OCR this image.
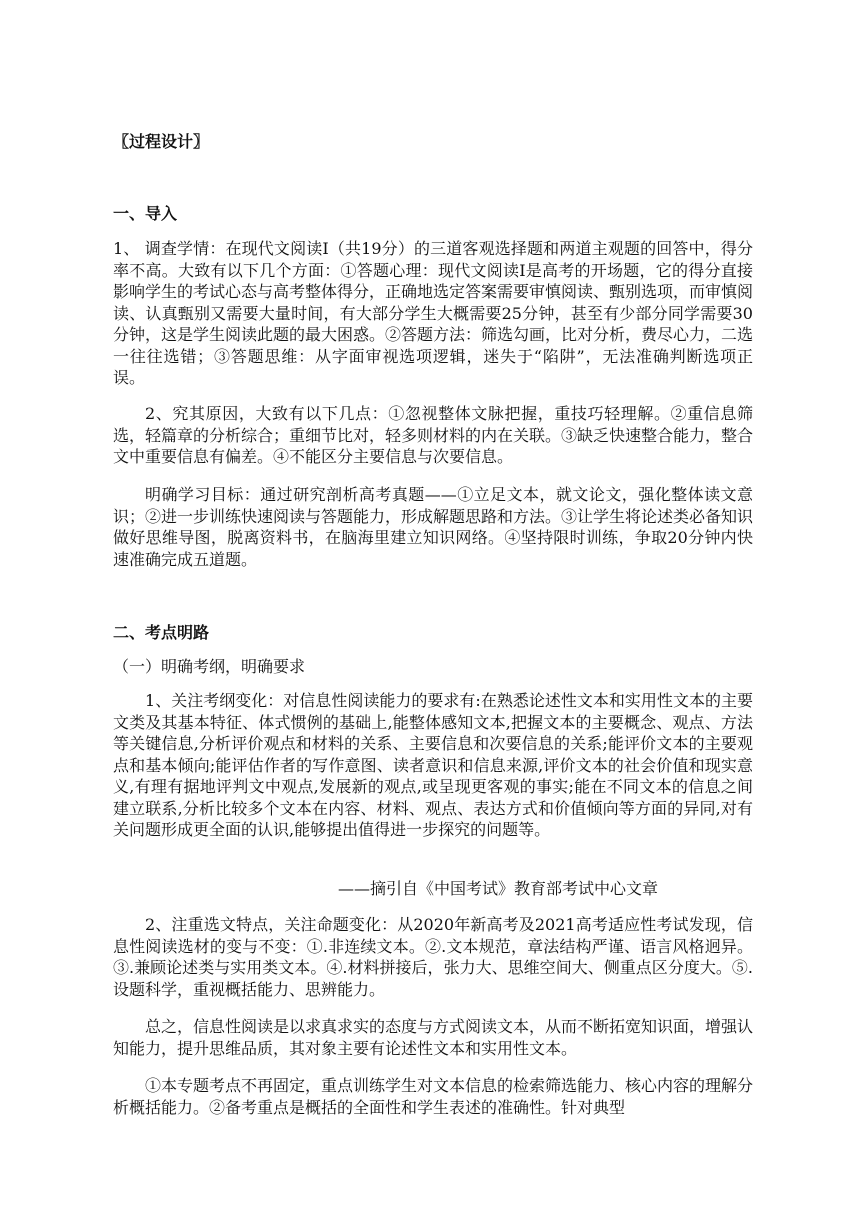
〖过程设计〗

一、导入

1、 调查学情：在现代文阅读Ⅰ（共19分）的三道客观选择题和两道主观题的回答中，得分率不高。大致有以下几个方面：①答题心理：现代文阅读Ⅰ是高考的开场题，它的得分直接影响学生的考试心态与高考整体得分，正确地选定答案需要审慎阅读、甄别选项，而审慎阅读、认真甄别又需要大量时间，有大部分学生大概需要25分钟，甚至有少部分同学需要30分钟，这是学生阅读此题的最大困惑。②答题方法：筛选勾画，比对分析，费尽心力，二选一往往选错；③答题思维：从字面审视选项逻辑，迷失于“陷阱”，无法准确判断选项正误。

2、究其原因，大致有以下几点：①忽视整体文脉把握，重技巧轻理解。②重信息筛选，轻篇章的分析综合；重细节比对，轻多则材料的内在关联。③缺乏快速整合能力，整合文中重要信息有偏差。④不能区分主要信息与次要信息。

明确学习目标：通过研究剖析高考真题——①立足文本，就文论文，强化整体读文意识；②进一步训练快速阅读与答题能力，形成解题思路和方法。③让学生将论述类必备知识做好思维导图，脱离资料书，在脑海里建立知识网络。④坚持限时训练，争取20分钟内快速准确完成五道题。

二、考点明路

（一）明确考纲，明确要求

1、关注考纲变化：对信息性阅读能力的要求有:在熟悉论述性文本和实用性文本的主要文类及其基本特征、体式惯例的基础上,能整体感知文本,把握文本的主要概念、观点、方法等关键信息,分析评价观点和材料的关系、主要信息和次要信息的关系;能评价文本的主要观点和基本倾向;能评估作者的写作意图、读者意识和信息来源,评价文本的社会价值和现实意义,有理有据地评判文中观点,发展新的观点,或呈现更客观的事实;能在不同文本的信息之间建立联系,分析比较多个文本在内容、材料、观点、表达方式和价值倾向等方面的异同,对有关问题形成更全面的认识,能够提出值得进一步探究的问题等。

——摘引自《中国考试》教育部考试中心文章

2、注重选文特点，关注命题变化：从2020年新高考及2021高考适应性考试发现，信息性阅读选材的变与不变：①.非连续文本。②.文本规范，章法结构严谨、语言风格迥异。③.兼顾论述类与实用类文本。④.材料拼接后，张力大、思维空间大、侧重点区分度大。⑤.设题科学，重视概括能力、思辨能力。

总之，信息性阅读是以求真求实的态度与方式阅读文本，从而不断拓宽知识面，增强认知能力，提升思维品质，其对象主要有论述性文本和实用性文本。

①本专题考点不再固定，重点训练学生对文本信息的检索筛选能力、核心内容的理解分析概括能力。②备考重点是概括的全面性和学生表述的准确性。针对典型
